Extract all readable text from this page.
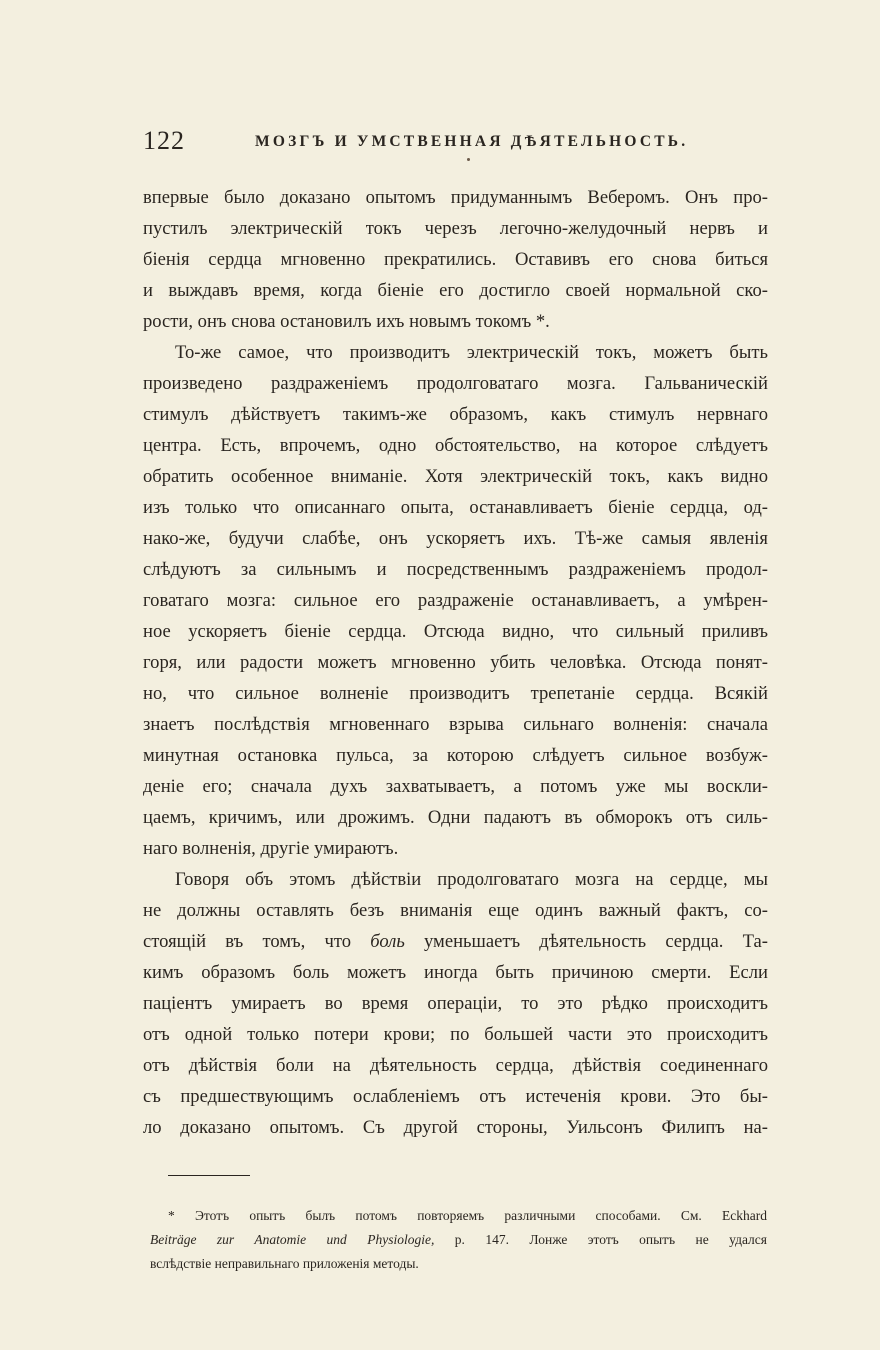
122	МОЗГЪ И УМСТВЕННАЯ ДѢЯТЕЛЬНОСТЬ.
впервые было доказано опытомъ придуманнымъ Веберомъ. Онъ про-
пустилъ электрическій токъ черезъ легочно-желудочный нервъ и
біенія сердца мгновенно прекратились. Оставивъ его снова биться
и выждавъ время, когда біеніе его достигло своей нормальной ско-
рости, онъ снова остановилъ ихъ новымъ токомъ *.
То-же самое, что производитъ электрическій токъ, можетъ быть
произведено раздраженіемъ продолговатаго мозга. Гальваническій
стимулъ дѣйствуетъ такимъ-же образомъ, какъ стимулъ нервнаго
центра. Есть, впрочемъ, одно обстоятельство, на которое слѣдуетъ
обратить особенное вниманіе. Хотя электрическій токъ, какъ видно
изъ только что описаннаго опыта, останавливаетъ біеніе сердца, од-
нако-же, будучи слабѣе, онъ ускоряетъ ихъ. Тѣ-же самыя явленія
слѣдуютъ за сильнымъ и посредственнымъ раздраженіемъ продол-
говатаго мозга: сильное его раздраженіе останавливаетъ, а умѣрен-
ное ускоряетъ біеніе сердца. Отсюда видно, что сильный приливъ
горя, или радости можетъ мгновенно убить человѣка. Отсюда понят-
но, что сильное волненіе производитъ трепетаніе сердца. Всякій
знаетъ послѣдствія мгновеннаго взрыва сильнаго волненія: сначала
минутная остановка пульса, за которою слѣдуетъ сильное возбуж-
деніе его; сначала духъ захватываетъ, а потомъ уже мы воскли-
цаемъ, кричимъ, или дрожимъ. Одни падаютъ въ обморокъ отъ силь-
наго волненія, другіе умираютъ.
Говоря объ этомъ дѣйствіи продолговатаго мозга на сердце, мы
не должны оставлять безъ вниманія еще одинъ важный фактъ, со-
стоящій въ томъ, что боль уменьшаетъ дѣятельность сердца. Та-
кимъ образомъ боль можетъ иногда быть причиною смерти. Если
паціентъ умираетъ во время операціи, то это рѣдко происходитъ
отъ одной только потери крови; по большей части это происходитъ
отъ дѣйствія боли на дѣятельность сердца, дѣйствія соединеннаго
съ предшествующимъ ослабленіемъ отъ истеченія крови. Это бы-
ло доказано опытомъ. Съ другой стороны, Уильсонъ Филипъ на-
* Этотъ опытъ былъ потомъ повторяемъ различными способами. См. Eckhard
Beiträge zur Anatomie und Physiologie, p. 147. Лонже этотъ опытъ не удался
вслѣдствіе неправильнаго приложенія методы.
